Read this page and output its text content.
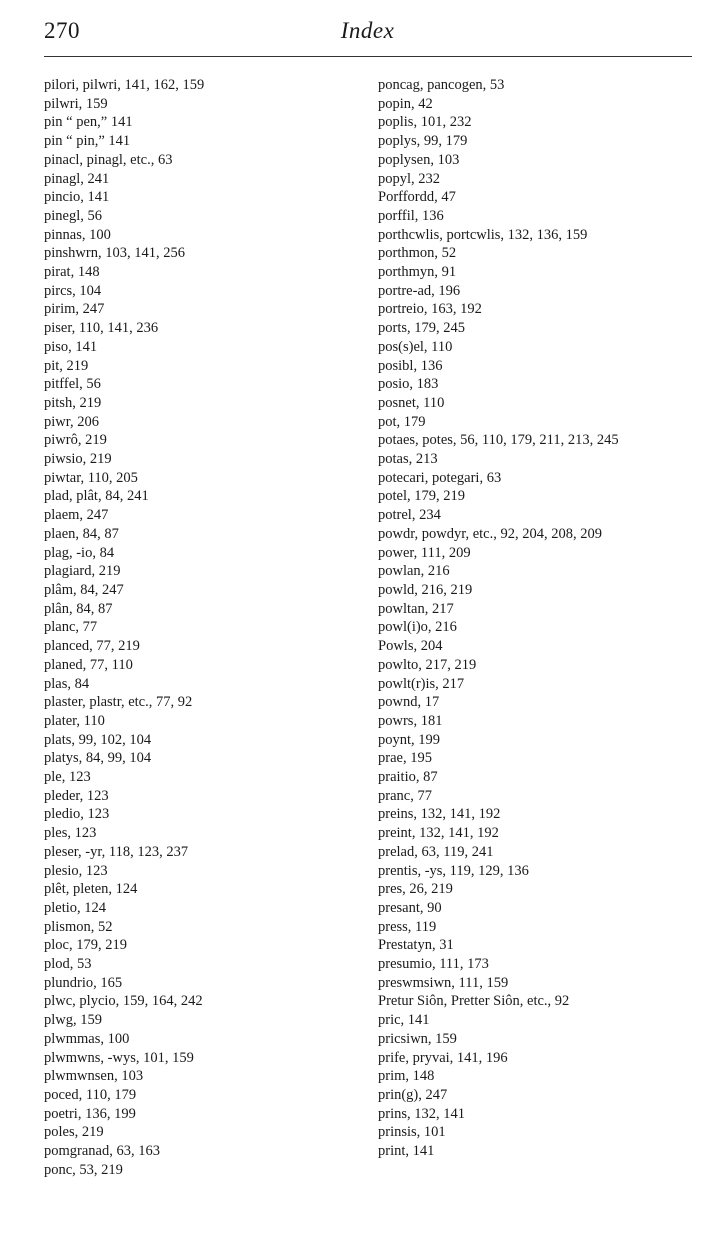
270	Index
pilori, pilwri, 141, 162, 159
pilwri, 159
pin “ pen,” 141
pin “ pin,” 141
pinacl, pinagl, etc., 63
pinagl, 241
pincio, 141
pinegl, 56
pinnas, 100
pinshwrn, 103, 141, 256
pirat, 148
pircs, 104
pirim, 247
piser, 110, 141, 236
piso, 141
pit, 219
pitffel, 56
pitsh, 219
piwr, 206
piwrô, 219
piwsio, 219
piwtar, 110, 205
plad, plât, 84, 241
plaem, 247
plaen, 84, 87
plag, -io, 84
plagiard, 219
plâm, 84, 247
plân, 84, 87
planc, 77
planced, 77, 219
planed, 77, 110
plas, 84
plaster, plastr, etc., 77, 92
plater, 110
plats, 99, 102, 104
platys, 84, 99, 104
ple, 123
pleder, 123
pledio, 123
ples, 123
pleser, -yr, 118, 123, 237
plesio, 123
plêt, pleten, 124
pletio, 124
plismon, 52
ploc, 179, 219
plod, 53
plundrio, 165
plwc, plycio, 159, 164, 242
plwg, 159
plwmmas, 100
plwmwns, -wys, 101, 159
plwmwnsen, 103
poced, 110, 179
poetri, 136, 199
poles, 219
pomgranad, 63, 163
ponc, 53, 219
poncag, pancogen, 53
popin, 42
poplis, 101, 232
poplys, 99, 179
poplysen, 103
popyl, 232
Porffordd, 47
porffil, 136
porthcwlis, portcwlis, 132, 136, 159
porthmon, 52
porthmyn, 91
portre-ad, 196
portreio, 163, 192
ports, 179, 245
pos(s)el, 110
posibl, 136
posio, 183
posnet, 110
pot, 179
potaes, potes, 56, 110, 179, 211, 213, 245
potas, 213
potecari, potegari, 63
potel, 179, 219
potrel, 234
powdr, powdyr, etc., 92, 204, 208, 209
power, 111, 209
powlan, 216
powld, 216, 219
powltan, 217
powl(i)o, 216
Powls, 204
powlto, 217, 219
powlt(r)is, 217
pownd, 17
powrs, 181
poynt, 199
prae, 195
praitio, 87
pranc, 77
preins, 132, 141, 192
preint, 132, 141, 192
prelad, 63, 119, 241
prentis, -ys, 119, 129, 136
pres, 26, 219
presant, 90
press, 119
Prestatyn, 31
presumio, 111, 173
preswmsiwn, 111, 159
Pretur Siôn, Pretter Siôn, etc., 92
pric, 141
pricsiwn, 159
prife, pryvai, 141, 196
prim, 148
prin(g), 247
prins, 132, 141
prinsis, 101
print, 141
